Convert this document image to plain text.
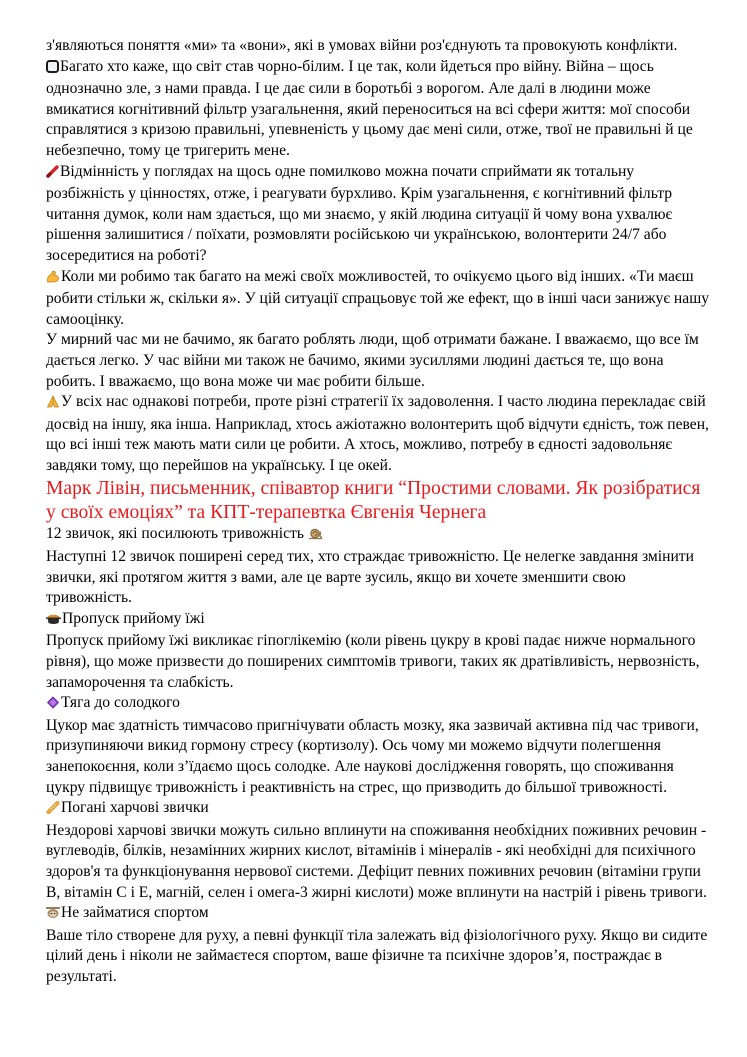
з'являються поняття «ми» та «вони», які в умовах війни роз'єднують та провокують конфлікти.

Багато хто каже, що світ став чорно-білим. І це так, коли йдеться про війну. Війна – щось однозначно зле, з нами правда. І це дає сили в боротьбі з ворогом. Але далі в людини може вмикатися когнітивний фільтр узагальнення, який переноситься на всі сфери життя: мої способи справлятися з кризою правильні, упевненість у цьому дає мені сили, отже, твої не правильні й це небезпечно, тому це тригерить мене.

Відмінність у поглядах на щось одне помилково можна почати сприймати як тотальну розбіжність у цінностях, отже, і реагувати бурхливо. Крім узагальнення, є когнітивний фільтр читання думок, коли нам здається, що ми знаємо, у якій людина ситуації й чому вона ухвалює рішення залишитися / поїхати, розмовляти російською чи українською, волонтерити 24/7 або зосередитися на роботі?

Коли ми робимо так багато на межі своїх можливостей, то очікуємо цього від інших. «Ти маєш робити стільки ж, скільки я». У цій ситуації спрацьовує той же ефект, що в інші часи занижує нашу самооцінку.

У мирний час ми не бачимо, як багато роблять люди, щоб отримати бажане. І вважаємо, що все їм дається легко. У час війни ми також не бачимо, якими зусиллями людині дається те, що вона робить. І вважаємо, що вона може чи має робити більше.

У всіх нас однакові потреби, проте різні стратегії їх задоволення. І часто людина перекладає свій досвід на іншу, яка інша. Наприклад, хтось ажіотажно волонтерить щоб відчути єдність, тож певен, що всі інші теж мають мати сили це робити. А хтось, можливо, потребу в єдності задовольняє завдяки тому, що перейшов на українську. І це окей.

Марк Лівін, письменник, співавтор книги “Простими словами. Як розібратися у своїх емоціях” та КПТ-терапевтка Євгенія Чернега

12 звичок, які посилюють тривожність

Наступні 12 звичок поширені серед тих, хто страждає тривожністю. Це нелегке завдання змінити звички, які протягом життя з вами, але це варте зусиль, якщо ви хочете зменшити свою тривожність.

Пропуск прийому їжі

Пропуск прийому їжі викликає гіпоглікемію (коли рівень цукру в крові падає нижче нормального рівня), що може призвести до поширених симптомів тривоги, таких як дратівливість, нервозність, запаморочення та слабкість.

Тяга до солодкого

Цукор має здатність тимчасово пригнічувати область мозку, яка зазвичай активна під час тривоги, призупиняючи викид гормону стресу (кортизолу). Ось чому ми можемо відчути полегшення занепокоєння, коли з’їдаємо щось солодке. Але наукові дослідження говорять, що споживання цукру підвищує тривожність і реактивність на стрес, що призводить до більшої тривожності.

Погані харчові звички

Нездорові харчові звички можуть сильно вплинути на споживання необхідних поживних речовин - вуглеводів, білків, незамінних жирних кислот, вітамінів і мінералів - які необхідні для психічного здоров'я та функціонування нервової системи. Дефіцит певних поживних речовин (вітаміни групи B, вітамін С і E, магній, селен і омега-3 жирні кислоти) може вплинути на настрій і рівень тривоги.

Не займатися спортом

Ваше тіло створене для руху, а певні функції тіла залежать від фізіологічного руху. Якщо ви сидите цілий день і ніколи не займаєтеся спортом, ваше фізичне та психічне здоров’я, постраждає в результаті.
